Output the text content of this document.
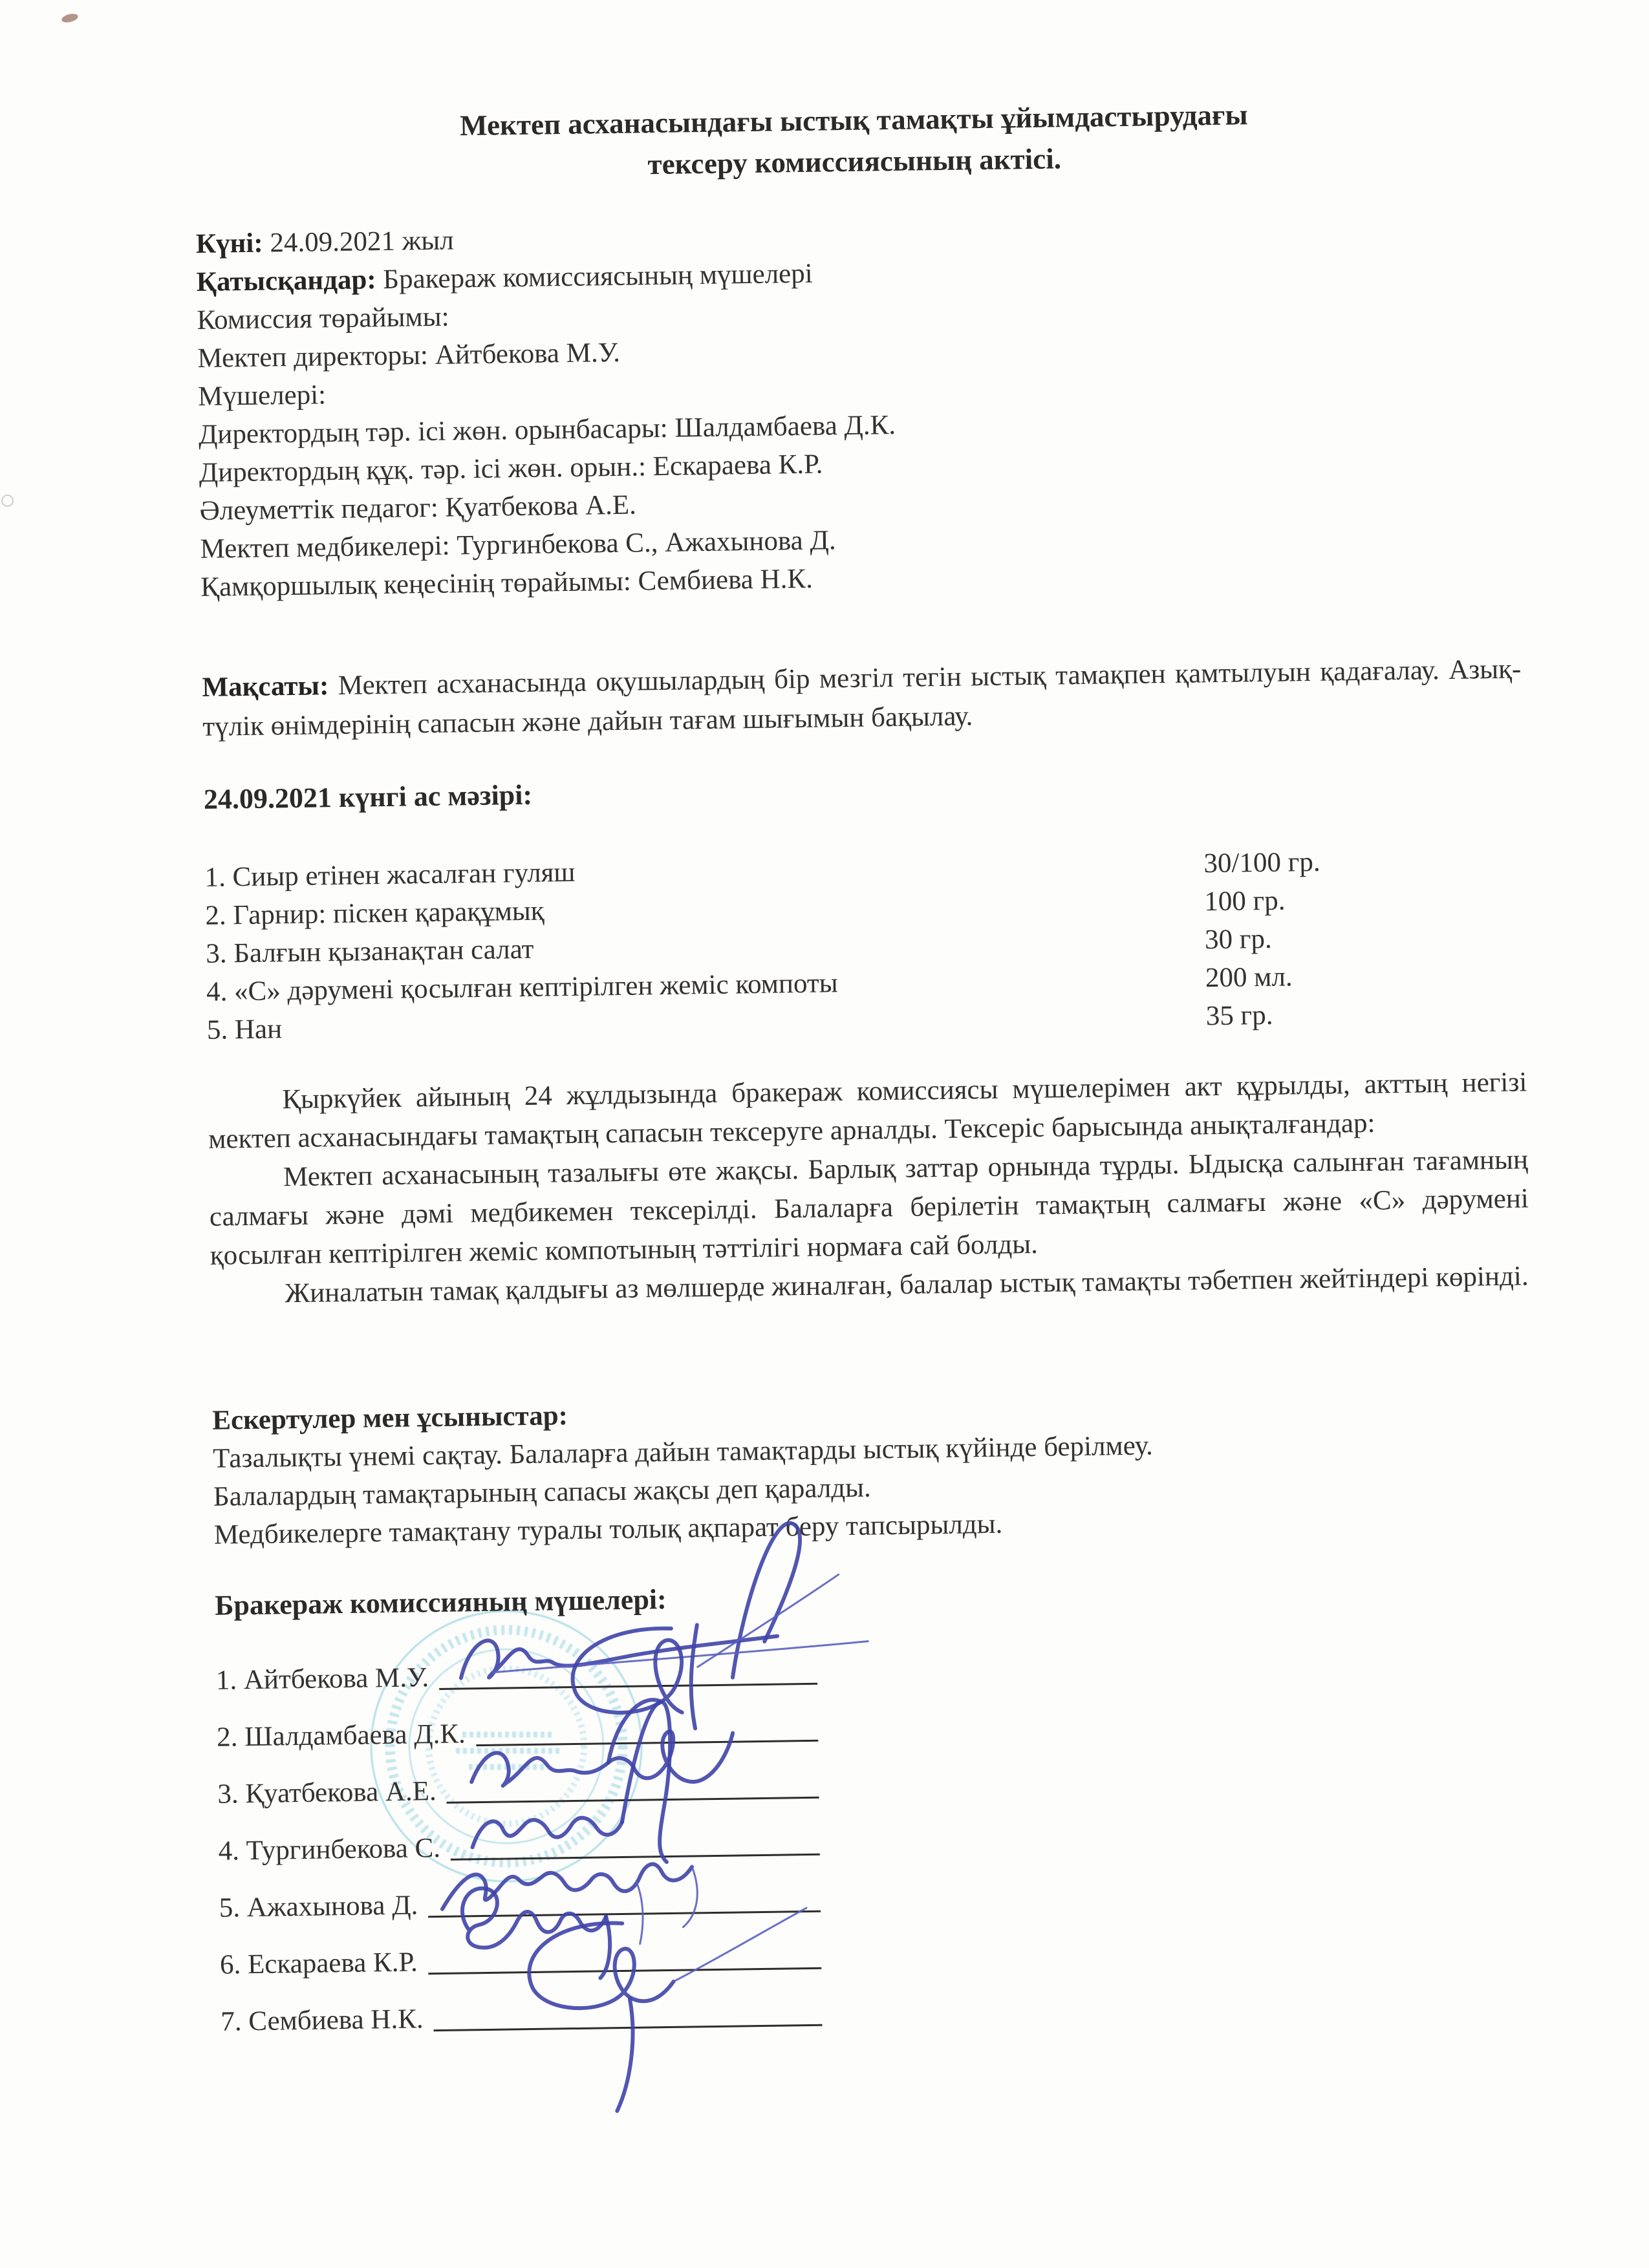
Мектеп асханасындағы ыстық тамақты ұйымдастырудағы
тексеру комиссиясының актісі.

Күні: 24.09.2021 жыл

Қатысқандар: Бракераж комиссиясының мүшелері

Комиссия төрайымы:

Мектеп директоры: Айтбекова М.У.

Мүшелері:

Директордың тәр. ісі жөн. орынбасары: Шалдамбаева Д.К.

Директордың құқ. тәр. ісі жөн. орын.: Ескараева К.Р.

Әлеуметтік педагог: Қуатбекова А.Е.

Мектеп медбикелері: Тургинбекова С., Ажахынова Д.

Қамқоршылық кеңесінің төрайымы: Сембиева Н.К.

Мақсаты: Мектеп асханасында оқушылардың бір мезгіл тегін ыстық тамақпен қамтылуын қадағалау. Азық-түлік өнімдерінің сапасын және дайын тағам шығымын бақылау.

24.09.2021 күнгі ас мәзірі:

1. Сиыр етінен жасалған гуляш	30/100 гр.
2. Гарнир: піскен қарақұмық	100 гр.
3. Балғын қызанақтан салат	30 гр.
4. «С» дәрумені қосылған кептірілген жеміс компоты	200 мл.
5. Нан	35 гр.

Қыркүйек айының 24 жұлдызында бракераж комиссиясы мүшелерімен акт құрылды, акттың негізі мектеп асханасындағы тамақтың сапасын тексеруге арналды. Тексеріс барысында анықталғандар:

Мектеп асханасының тазалығы өте жақсы. Барлық заттар орнында тұрды. Ыдысқа салынған тағамның салмағы және дәмі медбикемен тексерілді. Балаларға берілетін тамақтың салмағы және «С» дәрумені қосылған кептірілген жеміс компотының тәттілігі нормаға сай болды.

Жиналатын тамақ қалдығы аз мөлшерде жиналған, балалар ыстық тамақты тәбетпен жейтіндері көрінді.

Ескертулер мен ұсыныстар:

Тазалықты үнемі сақтау. Балаларға дайын тамақтарды ыстық күйінде берілмеу.

Балалардың тамақтарының сапасы жақсы деп қаралды.

Медбикелерге тамақтану туралы толық ақпарат беру тапсырылды.

Бракераж комиссияның мүшелері:

1. Айтбекова М.У.
2. Шалдамбаева Д.К.
3. Қуатбекова А.Е.
4. Тургинбекова С.
5. Ажахынова Д.
6. Ескараева К.Р.
7. Сембиева Н.К.
